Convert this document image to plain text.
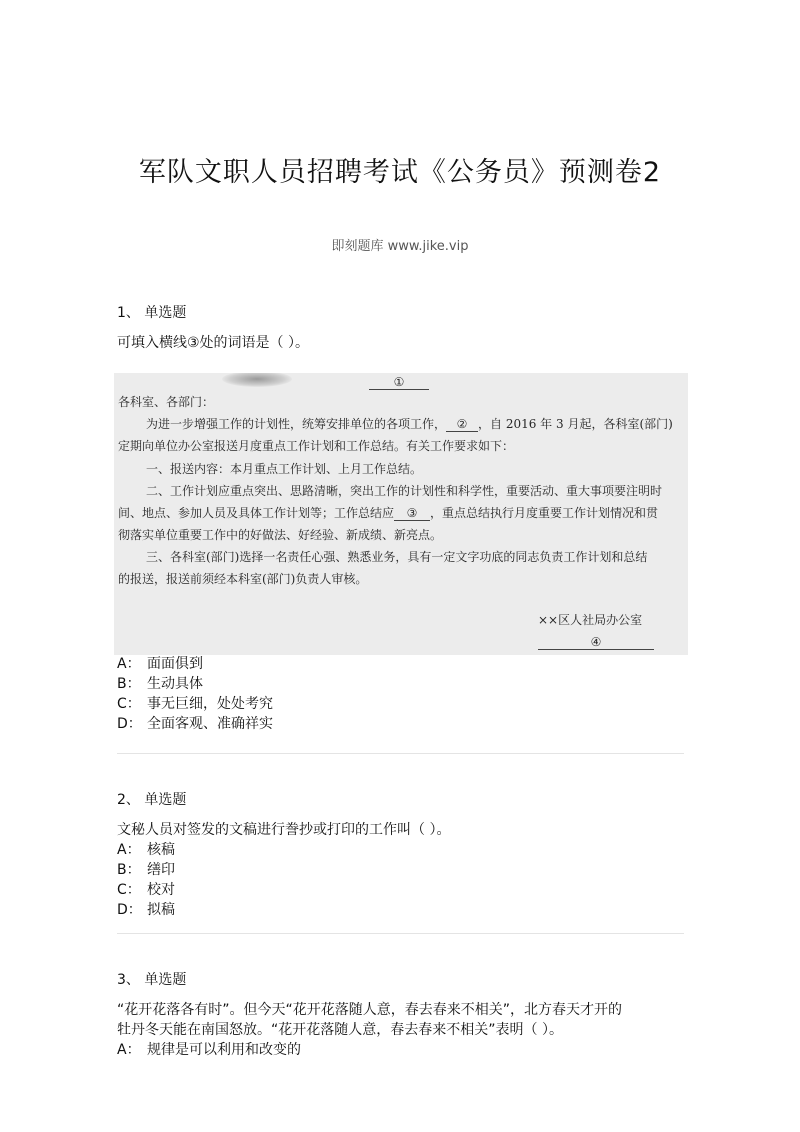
军队文职人员招聘考试《公务员》预测卷2
即刻题库 www.jike.vip
1、 单选题
可填入横线③处的词语是（ ）。
①
各科室、各部门：
为进一步增强工作的计划性，统筹安排单位的各项工作， ② ，自 2016 年 3 月起，各科室(部门)
定期向单位办公室报送月度重点工作计划和工作总结。有关工作要求如下：
一、报送内容：本月重点工作计划、上月工作总结。
二、工作计划应重点突出、思路清晰，突出工作的计划性和科学性，重要活动、重大事项要注明时
间、地点、参加人员及具体工作计划等；工作总结应 ③ ，重点总结执行月度重要工作计划情况和贯
彻落实单位重要工作中的好做法、好经验、新成绩、新亮点。
三、各科室(部门)选择一名责任心强、熟悉业务，具有一定文字功底的同志负责工作计划和总结
的报送，报送前须经本科室(部门)负责人审核。
××区人社局办公室
④
A： 面面俱到
B： 生动具体
C： 事无巨细，处处考究
D： 全面客观、准确祥实
2、 单选题
文秘人员对签发的文稿进行誊抄或打印的工作叫（ ）。
A： 核稿
B： 缮印
C： 校对
D： 拟稿
3、 单选题
“花开花落各有时”。但今天“花开花落随人意，春去春来不相关”，北方春天才开的
牡丹冬天能在南国怒放。“花开花落随人意，春去春来不相关”表明（ ）。
A： 规律是可以利用和改变的
